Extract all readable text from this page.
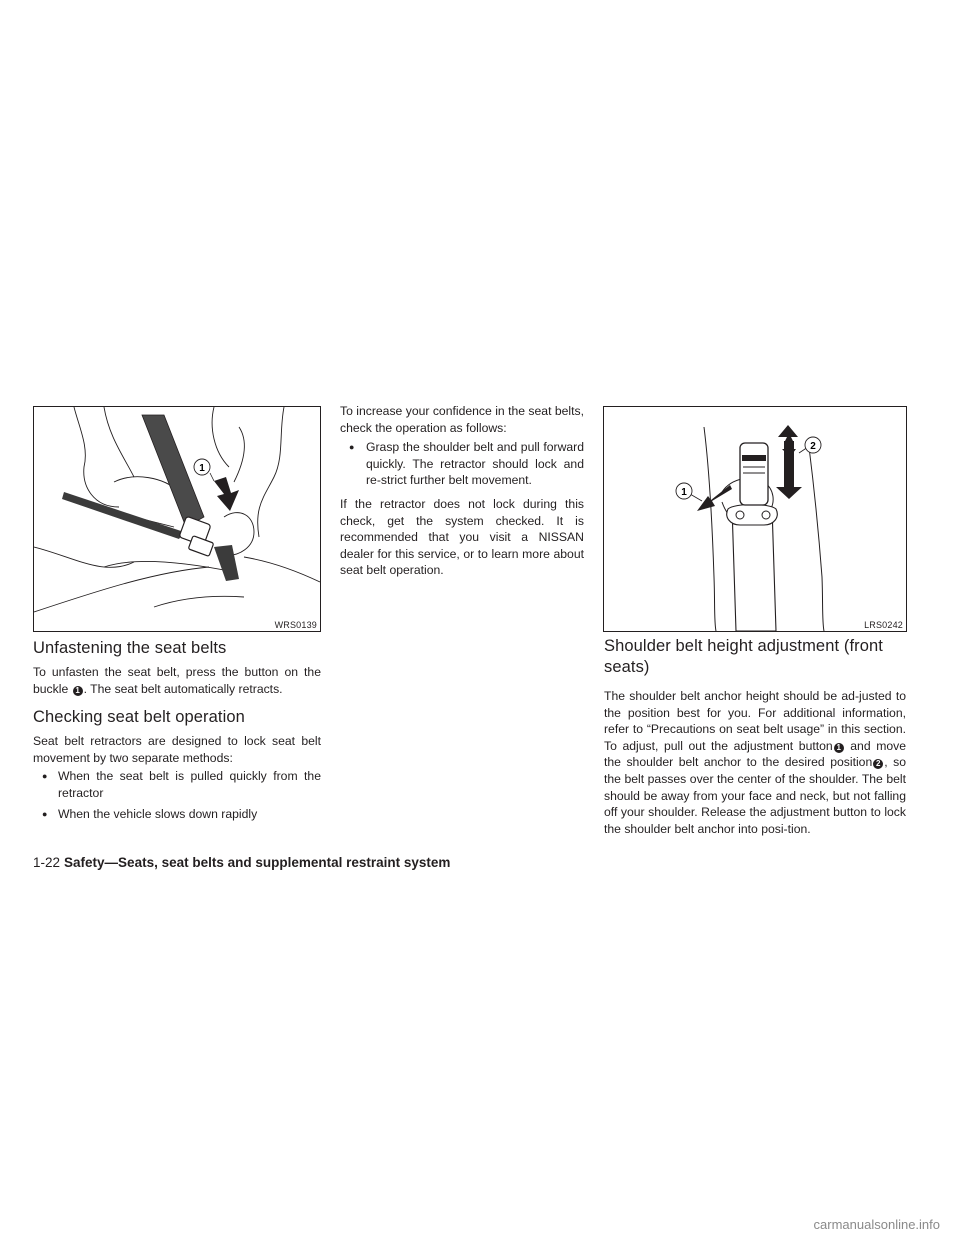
1
WRS0139
1
2
LRS0242
Unfastening the seat belts

To unfasten the seat belt, press the button on the buckle 1 . The seat belt automatically retracts.

Checking seat belt operation

Seat belt retractors are designed to lock seat belt movement by two separate methods:

● When the seat belt is pulled quickly from the retractor
● When the vehicle slows down rapidly

To increase your confidence in the seat belts, check the operation as follows:

● Grasp the shoulder belt and pull forward quickly. The retractor should lock and re-strict further belt movement.

If the retractor does not lock during this check, get the system checked. It is recommended that you visit a NISSAN dealer for this service, or to learn more about seat belt operation.

Shoulder belt height adjustment (front seats)

The shoulder belt anchor height should be ad-justed to the position best for you. For additional information, refer to “Precautions on seat belt usage” in this section. To adjust, pull out the adjustment button 1 and move the shoulder belt anchor to the desired position 2 , so the belt passes over the center of the shoulder. The belt should be away from your face and neck, but not falling off your shoulder. Release the adjustment button to lock the shoulder belt anchor into posi-tion.

1-22 Safety—Seats, seat belts and supplemental restraint system
carmanualsonline.info
